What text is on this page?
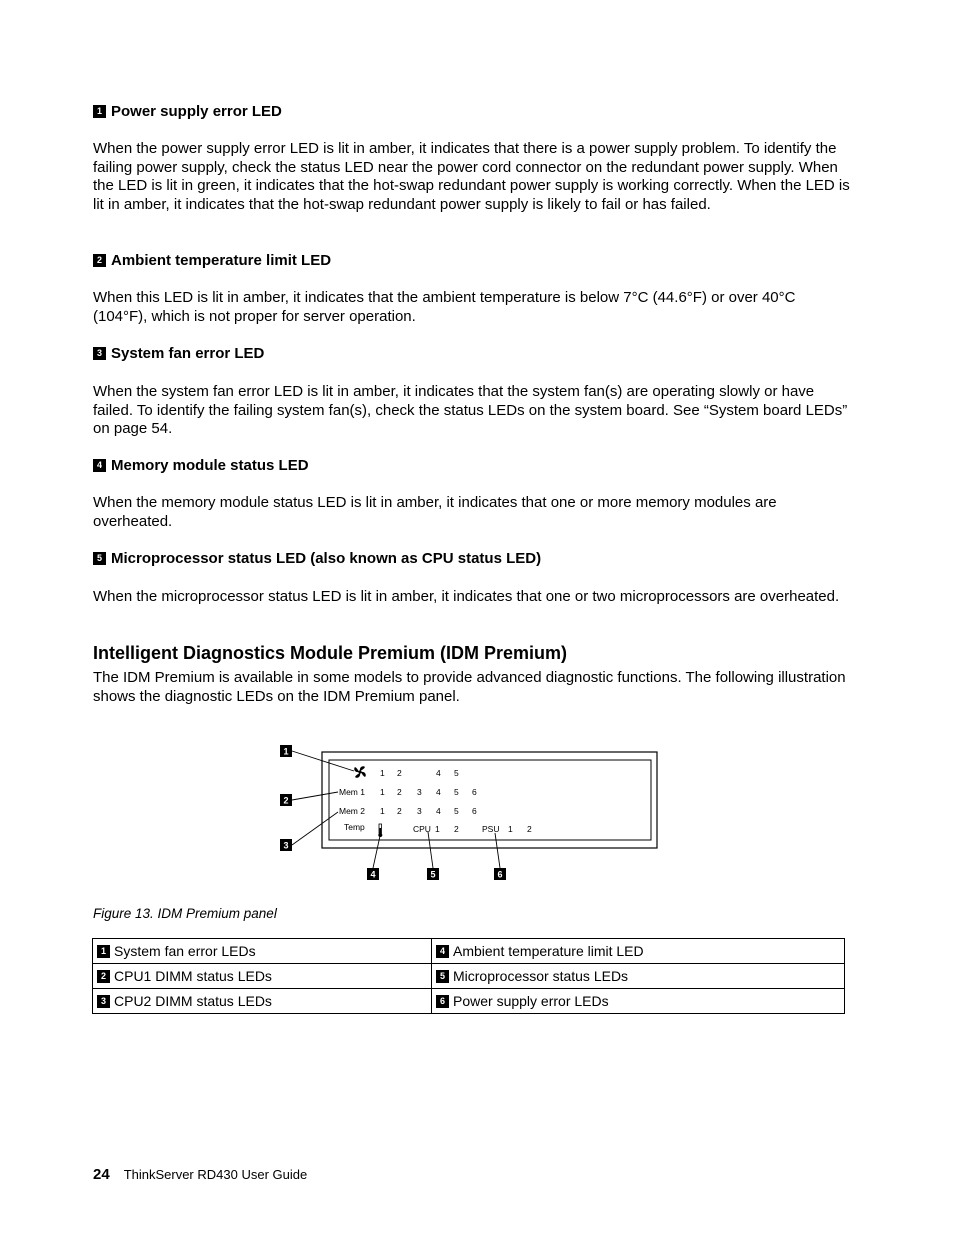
1 Power supply error LED
When the power supply error LED is lit in amber, it indicates that there is a power supply problem. To identify the failing power supply, check the status LED near the power cord connector on the redundant power supply. When the LED is lit in green, it indicates that the hot-swap redundant power supply is working correctly. When the LED is lit in amber, it indicates that the hot-swap redundant power supply is likely to fail or has failed.
2 Ambient temperature limit LED
When this LED is lit in amber, it indicates that the ambient temperature is below 7°C (44.6°F) or over 40°C (104°F), which is not proper for server operation.
3 System fan error LED
When the system fan error LED is lit in amber, it indicates that the system fan(s) are operating slowly or have failed. To identify the failing system fan(s), check the status LEDs on the system board. See “System board LEDs” on page 54.
4 Memory module status LED
When the memory module status LED is lit in amber, it indicates that one or more memory modules are overheated.
5 Microprocessor status LED (also known as CPU status LED)
When the microprocessor status LED is lit in amber, it indicates that one or two microprocessors are overheated.
Intelligent Diagnostics Module Premium (IDM Premium)
The IDM Premium is available in some models to provide advanced diagnostic functions. The following illustration shows the diagnostic LEDs on the IDM Premium panel.
1
2
3
4	5	6
1 2	4 5
Mem 1 1 2 3 4 5 6
Mem 2 1 2 3 4 5 6
Temp	CPU 1 2	PSU 1 2
Figure 13. IDM Premium panel
1 System fan error LEDs	4 Ambient temperature limit LED
2 CPU1 DIMM status LEDs	5 Microprocessor status LEDs
3 CPU2 DIMM status LEDs	6 Power supply error LEDs
24 ThinkServer RD430 User Guide
